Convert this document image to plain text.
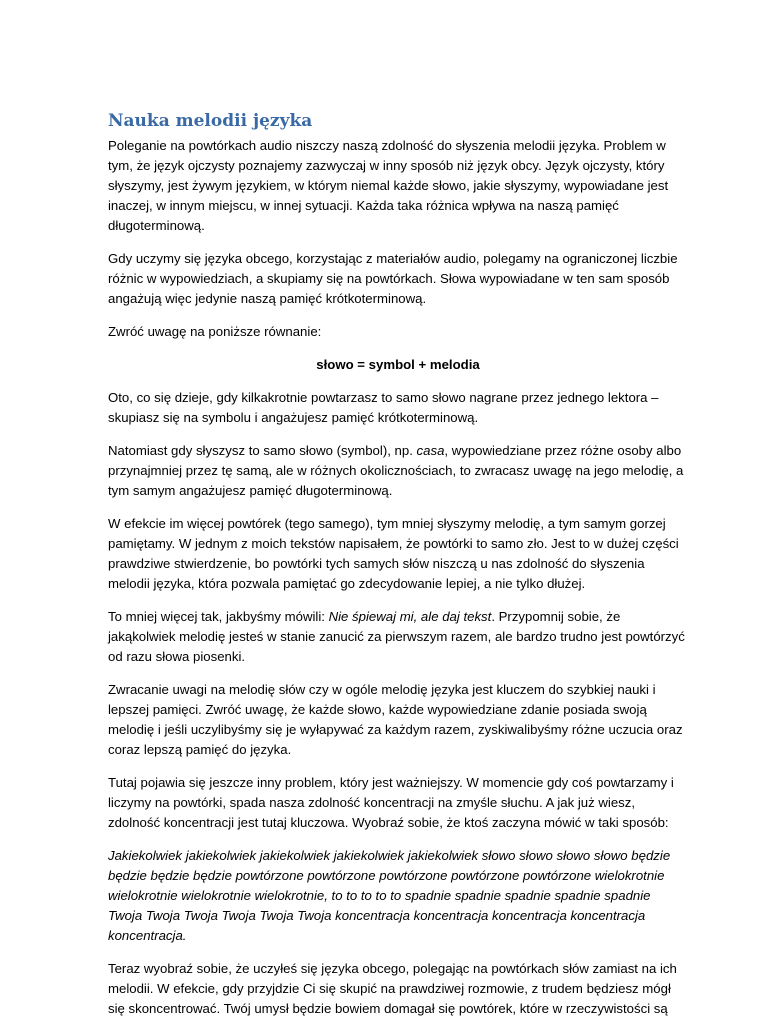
Nauka melodii języka

Poleganie na powtórkach audio niszczy naszą zdolność do słyszenia melodii języka. Problem w tym, że język ojczysty poznajemy zazwyczaj w inny sposób niż język obcy. Język ojczysty, który słyszymy, jest żywym językiem, w którym niemal każde słowo, jakie słyszymy, wypowiadane jest inaczej, w innym miejscu, w innej sytuacji. Każda taka różnica wpływa na naszą pamięć długoterminową.

Gdy uczymy się języka obcego, korzystając z materiałów audio, polegamy na ograniczonej liczbie różnic w wypowiedziach, a skupiamy się na powtórkach. Słowa wypowiadane w ten sam sposób angażują więc jedynie naszą pamięć krótkoterminową.

Zwróć uwagę na poniższe równanie:

słowo = symbol + melodia

Oto, co się dzieje, gdy kilkakrotnie powtarzasz to samo słowo nagrane przez jednego lektora – skupiasz się na symbolu i angażujesz pamięć krótkoterminową.

Natomiast gdy słyszysz to samo słowo (symbol), np. casa, wypowiedziane przez różne osoby albo przynajmniej przez tę samą, ale w różnych okolicznościach, to zwracasz uwagę na jego melodię, a tym samym angażujesz pamięć długoterminową.

W efekcie im więcej powtórek (tego samego), tym mniej słyszymy melodię, a tym samym gorzej pamiętamy. W jednym z moich tekstów napisałem, że powtórki to samo zło. Jest to w dużej części prawdziwe stwierdzenie, bo powtórki tych samych słów niszczą u nas zdolność do słyszenia melodii języka, która pozwala pamiętać go zdecydowanie lepiej, a nie tylko dłużej.

To mniej więcej tak, jakbyśmy mówili: Nie śpiewaj mi, ale daj tekst. Przypomnij sobie, że jakąkolwiek melodię jesteś w stanie zanucić za pierwszym razem, ale bardzo trudno jest powtórzyć od razu słowa piosenki.

Zwracanie uwagi na melodię słów czy w ogóle melodię języka jest kluczem do szybkiej nauki i lepszej pamięci. Zwróć uwagę, że każde słowo, każde wypowiedziane zdanie posiada swoją melodię i jeśli uczylibyśmy się je wyłapywać za każdym razem, zyskiwalibyśmy różne uczucia oraz coraz lepszą pamięć do języka.

Tutaj pojawia się jeszcze inny problem, który jest ważniejszy. W momencie gdy coś powtarzamy i liczymy na powtórki, spada nasza zdolność koncentracji na zmyśle słuchu. A jak już wiesz, zdolność koncentracji jest tutaj kluczowa. Wyobraź sobie, że ktoś zaczyna mówić w taki sposób:

Jakiekolwiek jakiekolwiek jakiekolwiek jakiekolwiek jakiekolwiek słowo słowo słowo słowo będzie będzie będzie będzie powtórzone powtórzone powtórzone powtórzone powtórzone wielokrotnie wielokrotnie wielokrotnie wielokrotnie, to to to to to spadnie spadnie spadnie spadnie spadnie Twoja Twoja Twoja Twoja Twoja Twoja koncentracja koncentracja koncentracja koncentracja koncentracja.

Teraz wyobraź sobie, że uczyłeś się języka obcego, polegając na powtórkach słów zamiast na ich melodii. W efekcie, gdy przyjdzie Ci się skupić na prawdziwej rozmowie, z trudem będziesz mógł się skoncentrować. Twój umysł będzie bowiem domagał się powtórek, które w rzeczywistości są
